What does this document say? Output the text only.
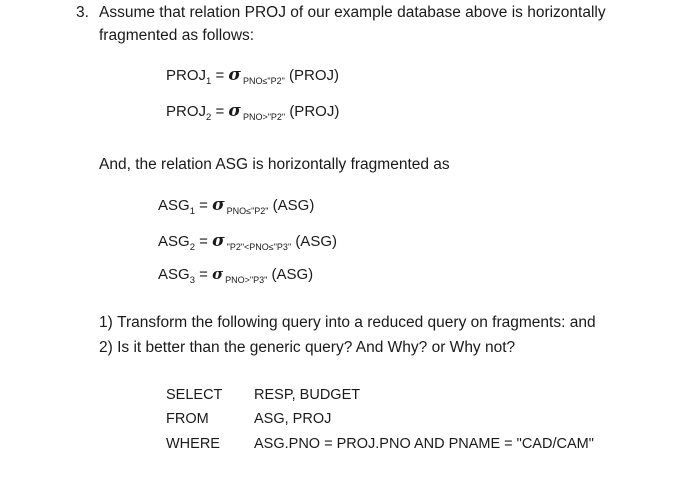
3. Assume that relation PROJ of our example database above is horizontally
fragmented as follows:
$PROJ_1 = \sigma$ $_{PNO\le"P2"}$ (PROJ)
$PROJ_2 = \sigma$ $_{PNO>"P2"}$ (PROJ)
And, the relation ASG is horizontally fragmented as
$ASG_1 = \sigma$ $_{PNO\le"P2"}$ (ASG)
$ASG_2 = \sigma$ $_{"P2"<PNO\le"P3"}$ (ASG)
$ASG_3 = \sigma$ $_{PNO>"P3"}$ (ASG)
1) Transform the following query into a reduced query on fragments: and
2) Is it better than the generic query? And Why? or Why not?
SELECT RESP, BUDGET
FROM	ASG, PROJ
WHERE ASG.PNO = PROJ.PNO AND PNAME = "CAD/CAM"
